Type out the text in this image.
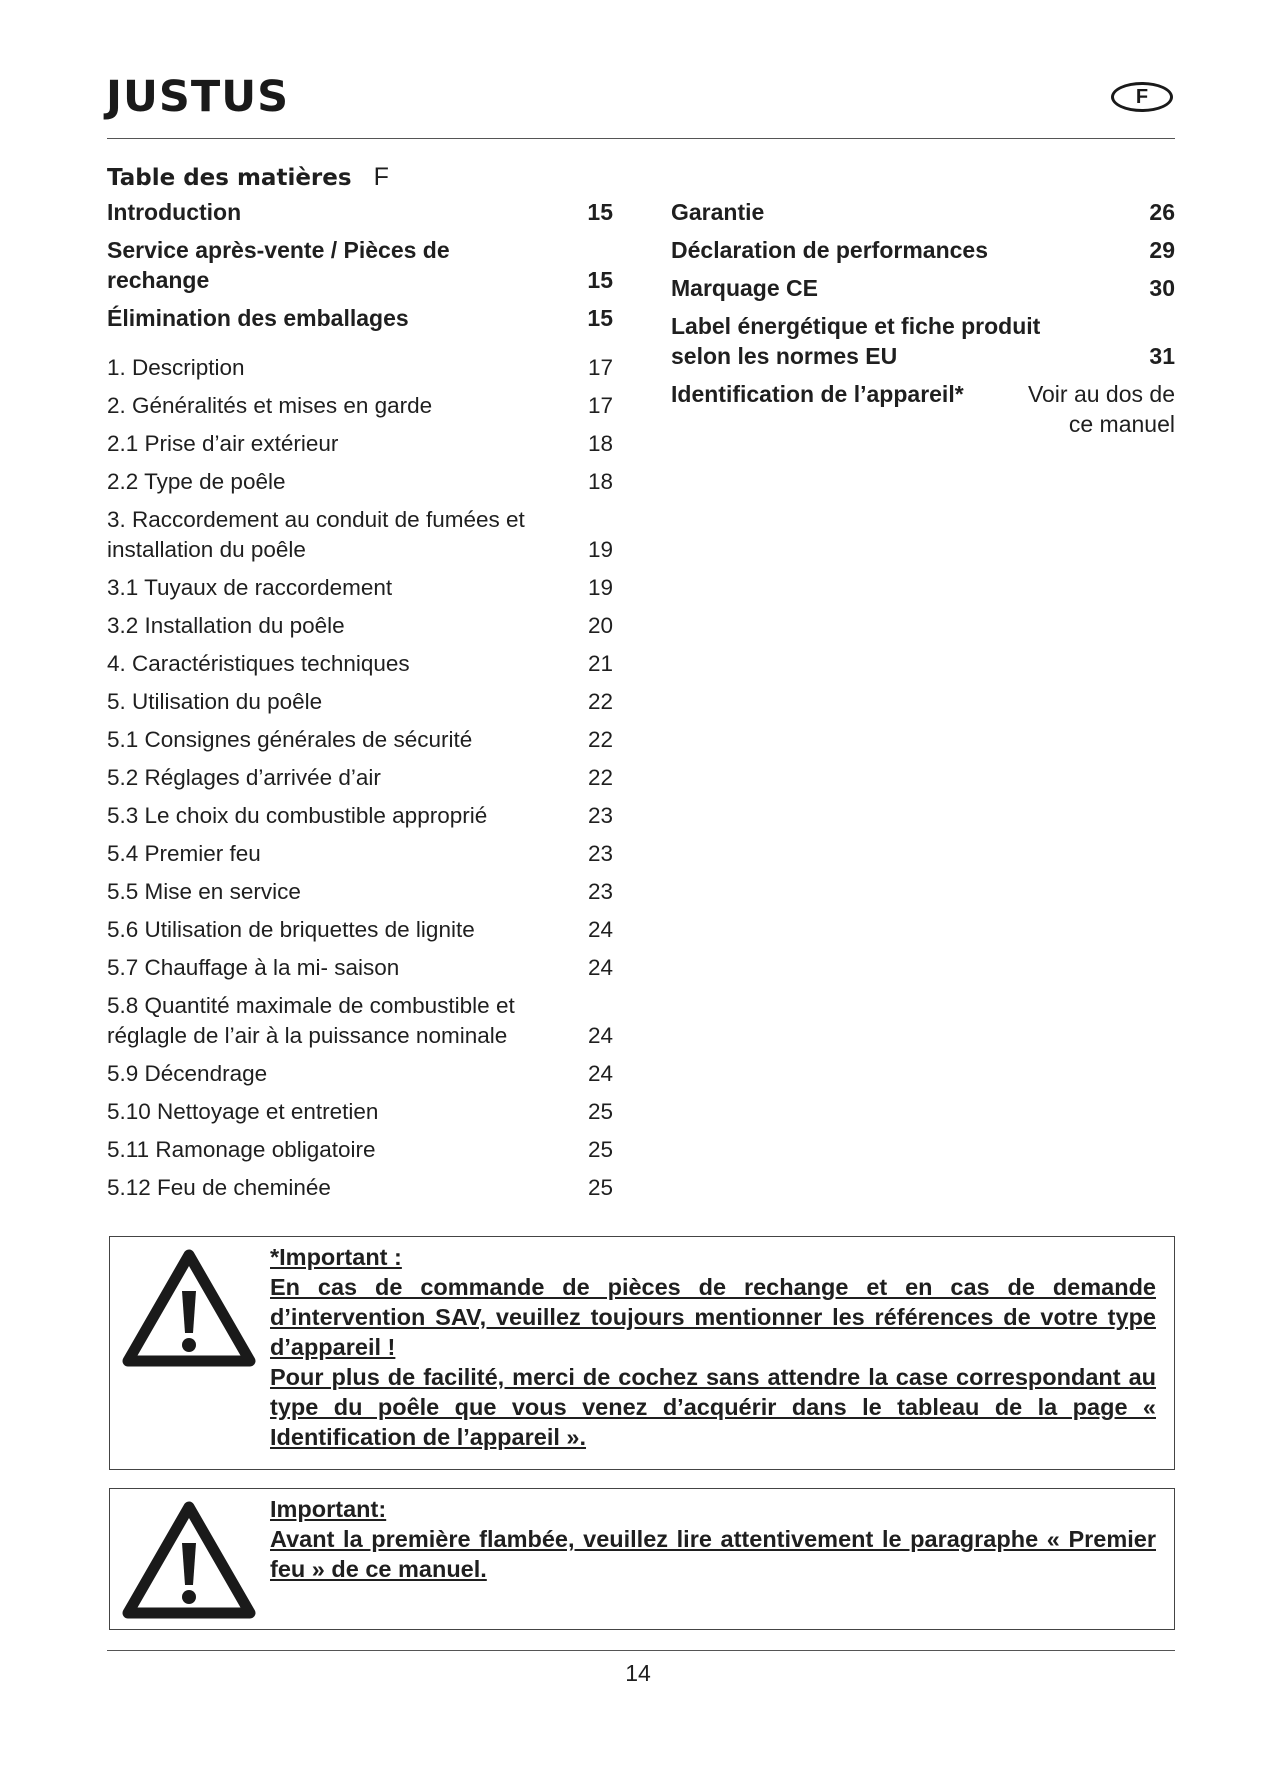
JUSTUS	F
Table des matières F
Introduction	15
Service après-vente / Pièces de rechange	15
Élimination des emballages	15
1. Description	17
2. Généralités et mises en garde	17
2.1 Prise d’air extérieur	18
2.2 Type de poêle	18
3. Raccordement au conduit de fumées et installation du poêle	19
3.1 Tuyaux de raccordement	19
3.2 Installation du poêle	20
4. Caractéristiques techniques	21
5. Utilisation du poêle	22
5.1 Consignes générales de sécurité	22
5.2 Réglages d’arrivée d’air	22
5.3 Le choix du combustible approprié	23
5.4 Premier feu	23
5.5 Mise en service	23
5.6 Utilisation de briquettes de lignite	24
5.7 Chauffage à la mi- saison	24
5.8 Quantité maximale de combustible et réglagle de l’air à la puissance nominale	24
5.9 Décendrage	24
5.10 Nettoyage et entretien	25
5.11 Ramonage obligatoire	25
5.12 Feu de cheminée	25
Garantie	26
Déclaration de performances	29
Marquage CE	30
Label énergétique et fiche produit selon les normes EU	31
Identification de l’appareil*	Voir au dos de ce manuel

*Important :

En cas de commande de pièces de rechange et en cas de demande d’intervention SAV, veuillez toujours mentionner les références de votre type d’appareil !

Pour plus de facilité, merci de cochez sans attendre la case correspondant au type du poêle que vous venez d’acquérir dans le tableau de la page « Identification de l’appareil ».

Important:

Avant la première flambée, veuillez lire attentivement le paragraphe « Premier feu » de ce manuel.

14
